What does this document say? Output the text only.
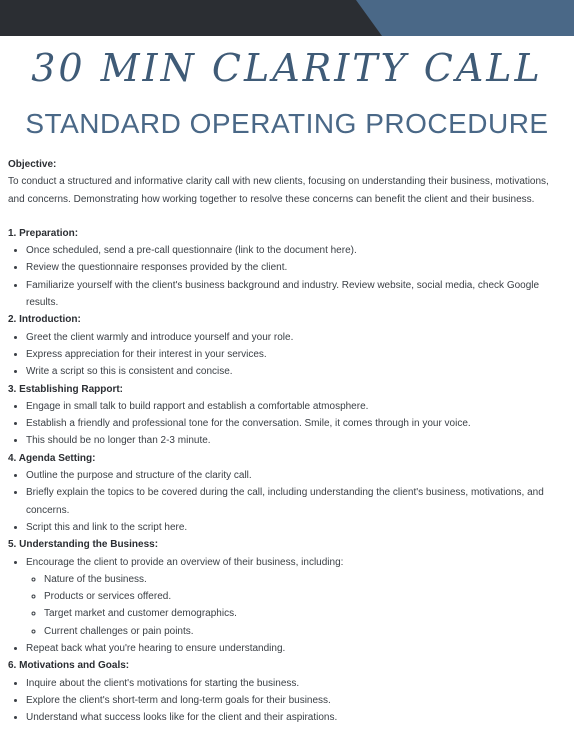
30 MIN CLARITY CALL
STANDARD OPERATING PROCEDURE
Objective:

To conduct a structured and informative clarity call with new clients, focusing on understanding their business, motivations, and concerns. Demonstrating how working together to resolve these concerns can benefit the client and their business.

1. Preparation:
• Once scheduled, send a pre-call questionnaire (link to the document here).
• Review the questionnaire responses provided by the client.
• Familiarize yourself with the client's business background and industry. Review website, social media, check Google results.
2. Introduction:
• Greet the client warmly and introduce yourself and your role.
• Express appreciation for their interest in your services.
• Write a script so this is consistent and concise.
3. Establishing Rapport:
• Engage in small talk to build rapport and establish a comfortable atmosphere.
• Establish a friendly and professional tone for the conversation. Smile, it comes through in your voice.
• This should be no longer than 2-3 minute.
4. Agenda Setting:
• Outline the purpose and structure of the clarity call.
• Briefly explain the topics to be covered during the call, including understanding the client's business, motivations, and concerns.
• Script this and link to the script here.
5. Understanding the Business:
• Encourage the client to provide an overview of their business, including:
◦ Nature of the business.
◦ Products or services offered.
◦ Target market and customer demographics.
◦ Current challenges or pain points.
• Repeat back what you're hearing to ensure understanding.
6. Motivations and Goals:
• Inquire about the client's motivations for starting the business.
• Explore the client's short-term and long-term goals for their business.
• Understand what success looks like for the client and their aspirations.
